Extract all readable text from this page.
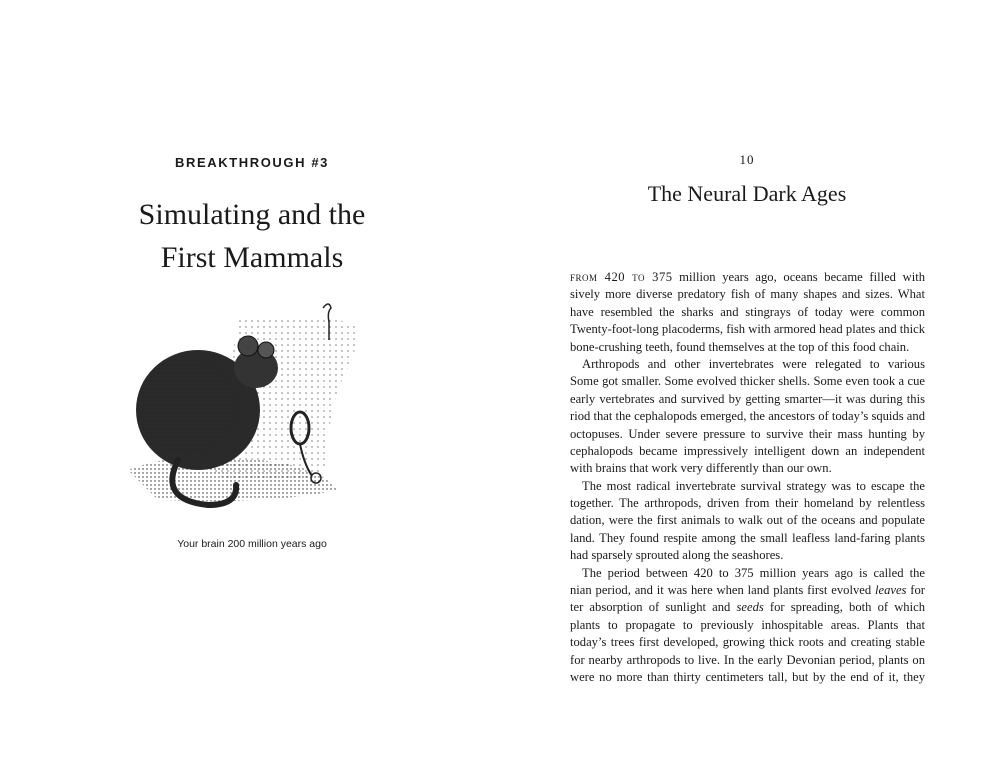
BREAKTHROUGH #3
Simulating and the
First Mammals
Your brain 200 million years ago
10
The Neural Dark Ages
from 420 to 375 million years ago, oceans became filled with
sively more diverse predatory fish of many shapes and sizes. What
have resembled the sharks and stingrays of today were common
Twenty-foot-long placoderms, fish with armored head plates and thick
bone-crushing teeth, found themselves at the top of this food chain.
Arthropods and other invertebrates were relegated to various
Some got smaller. Some evolved thicker shells. Some even took a cue
early vertebrates and survived by getting smarter—it was during this
riod that the cephalopods emerged, the ancestors of today’s squids and
octopuses. Under severe pressure to survive their mass hunting by
cephalopods became impressively intelligent down an independent
with brains that work very differently than our own.
The most radical invertebrate survival strategy was to escape the
together. The arthropods, driven from their homeland by relentless
dation, were the first animals to walk out of the oceans and populate
land. They found respite among the small leafless land-faring plants
had sparsely sprouted along the seashores.
The period between 420 to 375 million years ago is called the
nian period, and it was here when land plants first evolved leaves for
ter absorption of sunlight and seeds for spreading, both of which
plants to propagate to previously inhospitable areas. Plants that
today’s trees first developed, growing thick roots and creating stable
for nearby arthropods to live. In the early Devonian period, plants on
were no more than thirty centimeters tall, but by the end of it, they
